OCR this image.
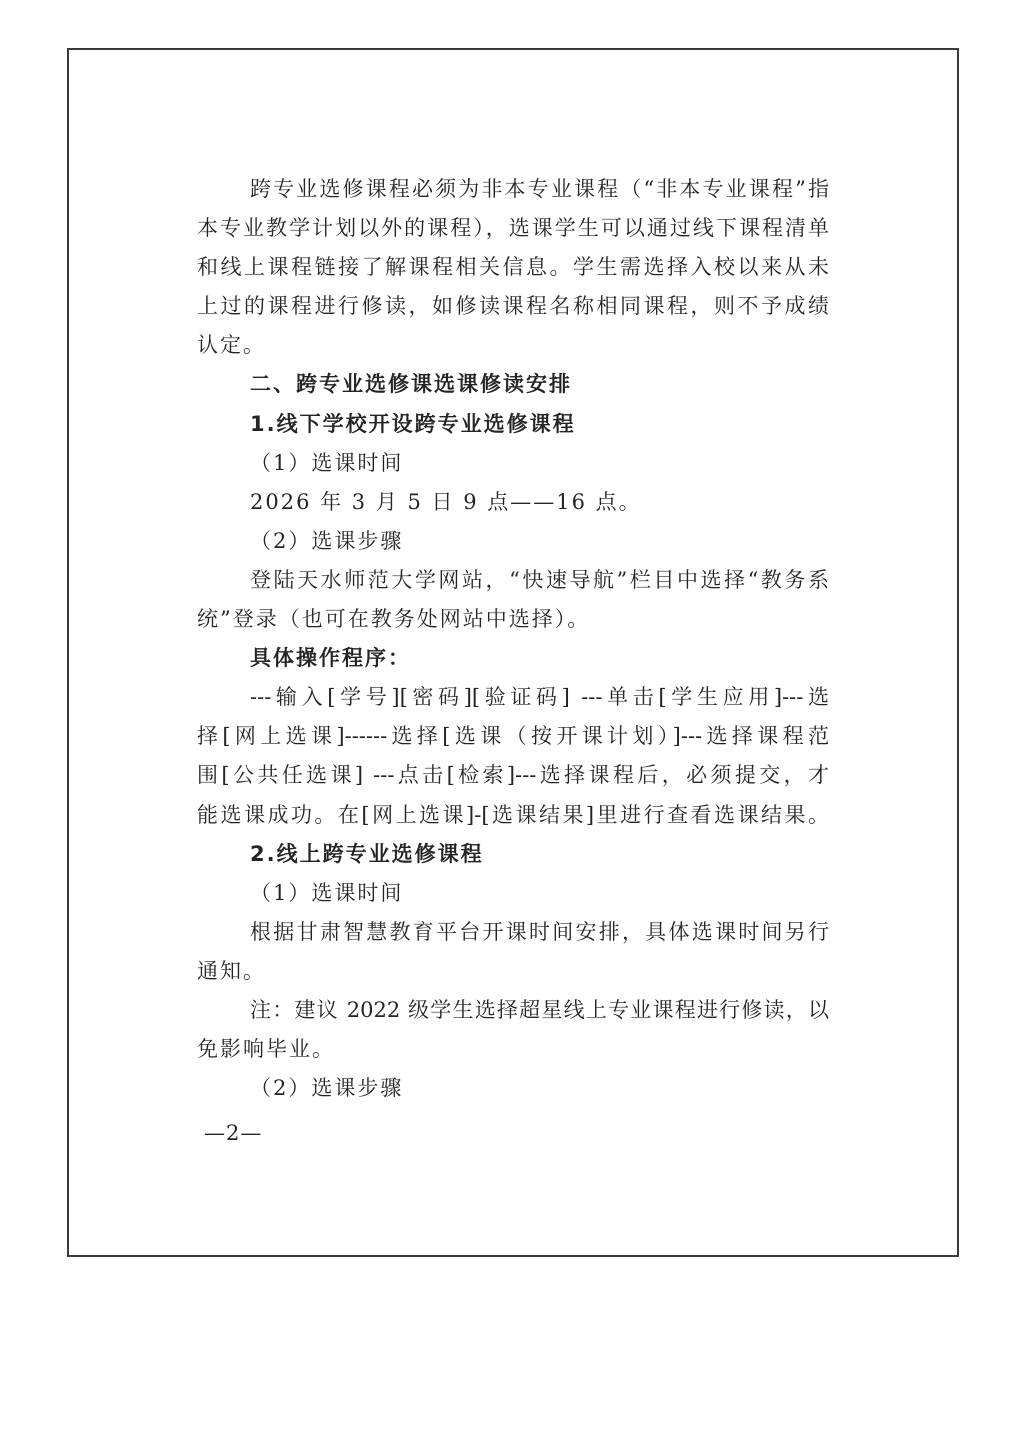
跨专业选修课程必须为非本专业课程（“非本专业课程”指
本专业教学计划以外的课程），选课学生可以通过线下课程清单
和线上课程链接了解课程相关信息。学生需选择入校以来从未
上过的课程进行修读，如修读课程名称相同课程，则不予成绩
认定。
二、跨专业选修课选课修读安排
1.线下学校开设跨专业选修课程
（1）选课时间
2026 年 3 月 5 日 9 点——16 点。
（2）选课步骤
登陆天水师范大学网站，“快速导航”栏目中选择“教务系
统”登录（也可在教务处网站中选择）。
具体操作程序：
---输入[学号][密码][验证码] ---单击[学生应用]---选
择[网上选课]------选择[选课（按开课计划）]---选择课程范
围[公共任选课] ---点击[检索]---选择课程后，必须提交，才
能选课成功。在[网上选课]-[选课结果]里进行查看选课结果。
2.线上跨专业选修课程
（1）选课时间
根据甘肃智慧教育平台开课时间安排，具体选课时间另行
通知。
注：建议 2022 级学生选择超星线上专业课程进行修读，以
免影响毕业。
（2）选课步骤
—2—
